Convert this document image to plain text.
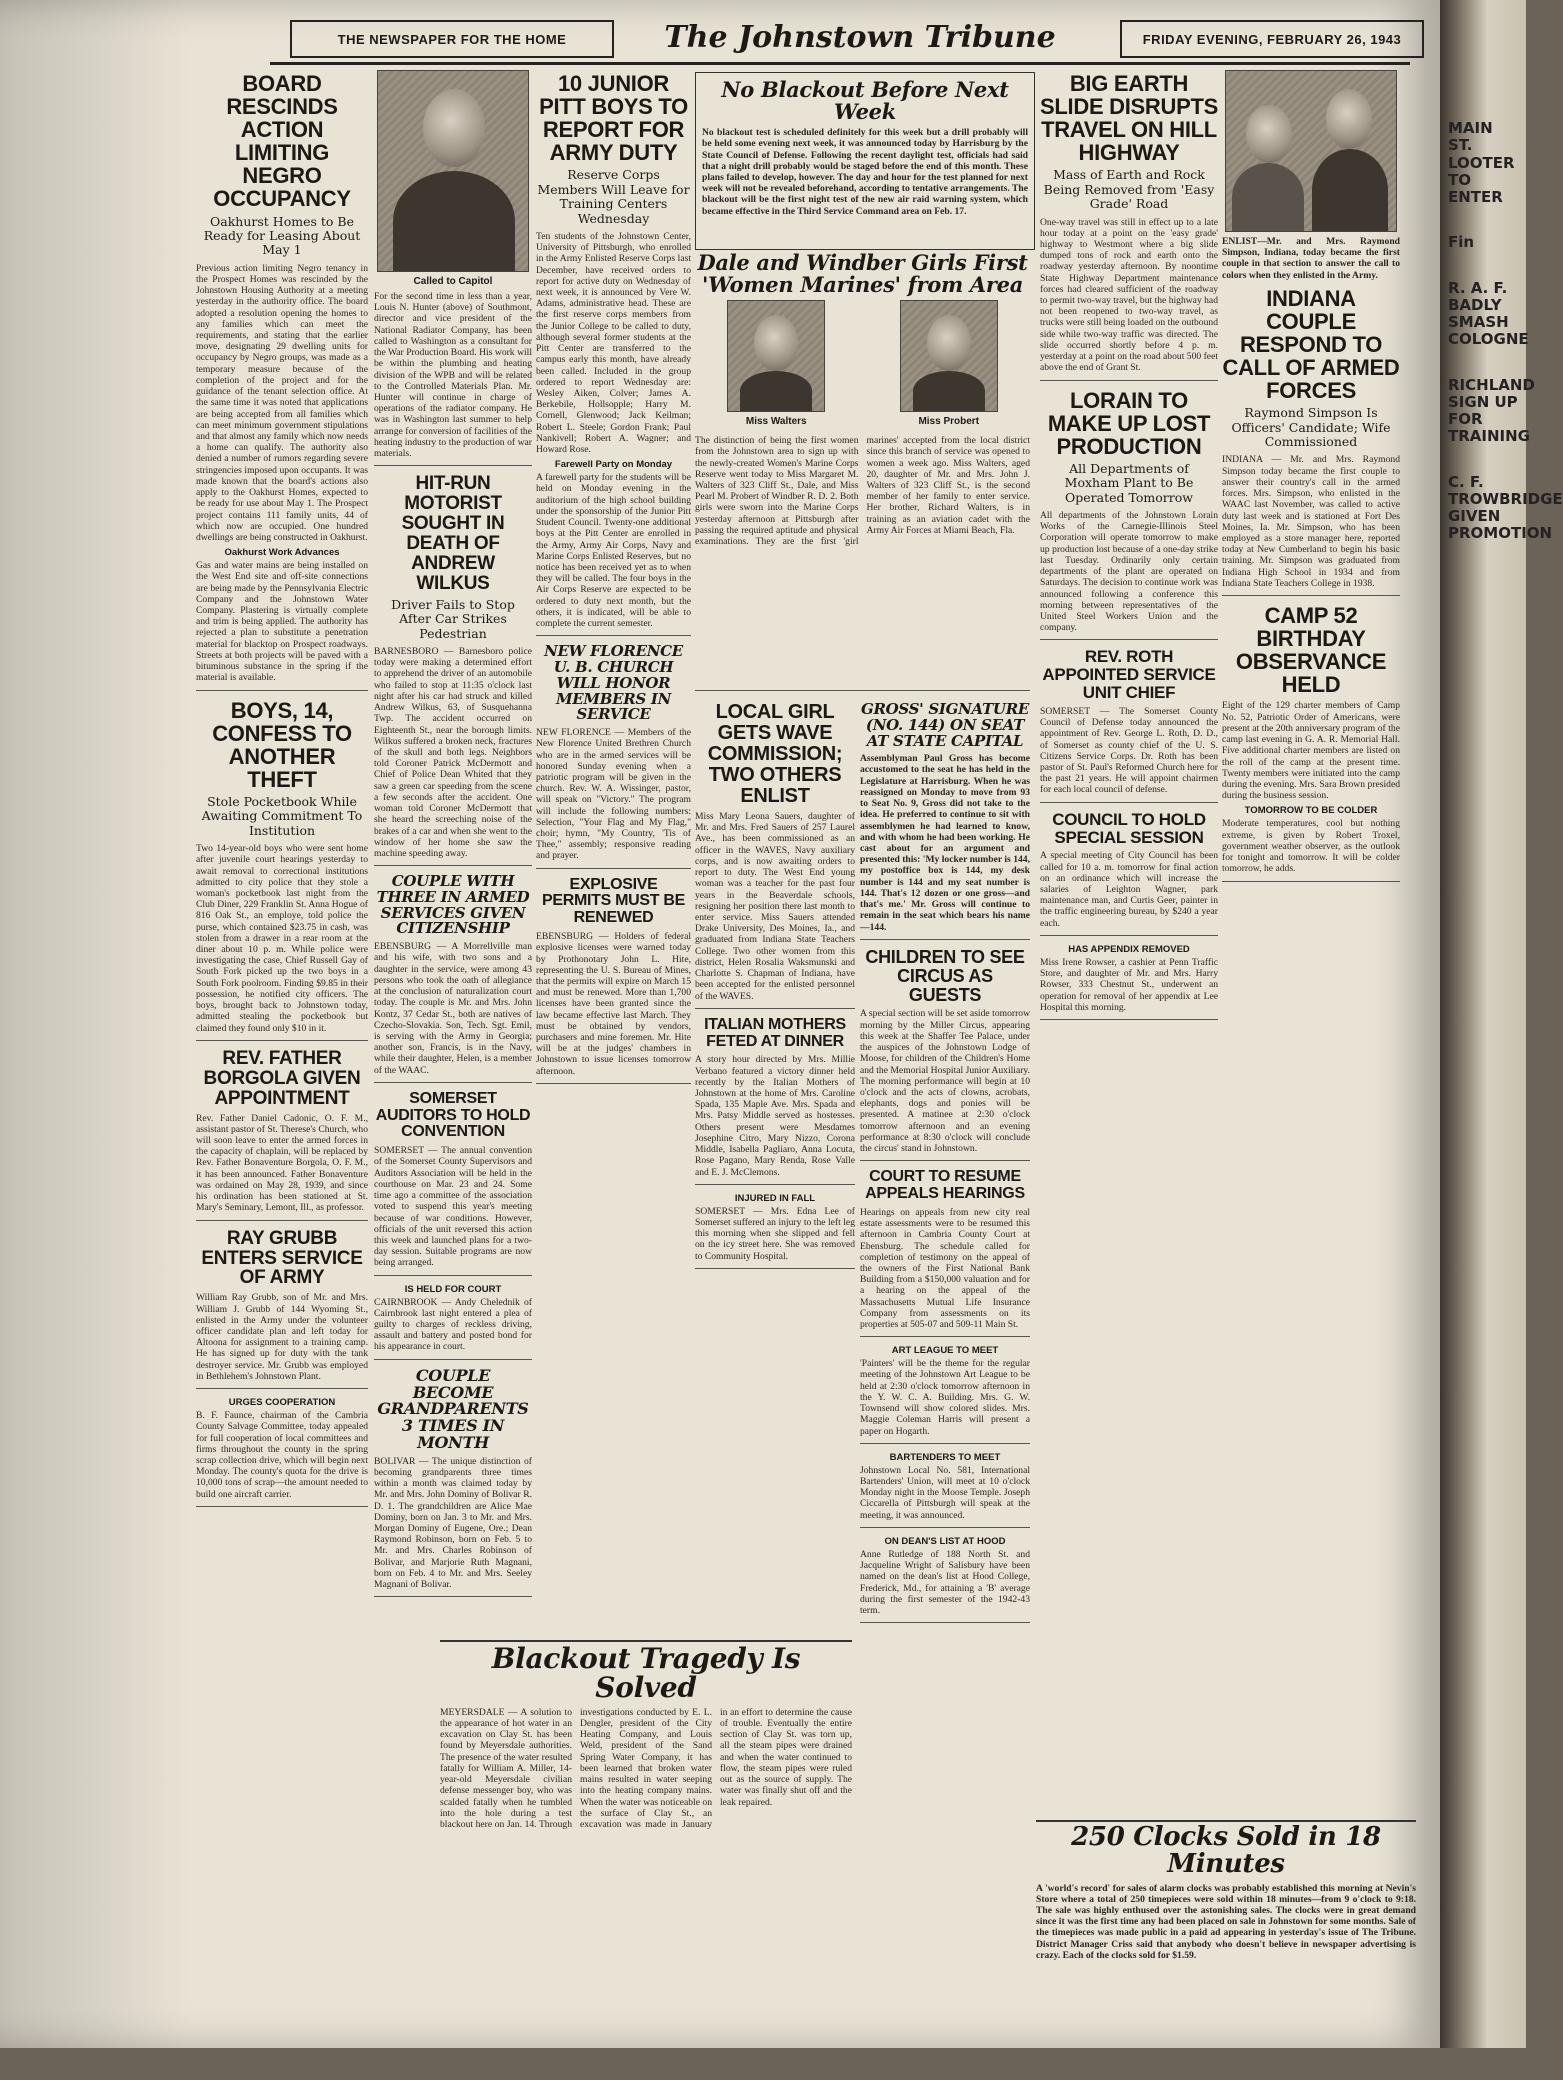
THE NEWSPAPER FOR THE HOME	The Johnstown Tribune	FRIDAY EVENING, FEBRUARY 26, 1943
BOARD RESCINDS ACTION LIMITING NEGRO OCCUPANCY
Oakhurst Homes to Be Ready for Leasing About May 1
Previous action limiting Negro tenancy in the Prospect Homes was rescinded by the Johnstown Housing Authority at a meeting yesterday in the authority office. The board adopted a resolution opening the homes to any families which can meet the requirements, and stating that the earlier move, designating 29 dwelling units for occupancy by Negro groups, was made as a temporary measure because of the completion of the project and for the guidance of the tenant selection office. At the same time it was noted that applications are being accepted from all families which can meet minimum government stipulations and that almost any family which now needs a home can qualify. The authority also denied a number of rumors regarding severe stringencies imposed upon occupants. It was made known that the board's actions also apply to the Oakhurst Homes, expected to be ready for use about May 1. The Prospect project contains 111 family units, 44 of which now are occupied. One hundred dwellings are being constructed in Oakhurst.
Oakhurst Work Advances
Gas and water mains are being installed on the West End site and off-site connections are being made by the Pennsylvania Electric Company and the Johnstown Water Company. Plastering is virtually complete and trim is being applied. The authority has rejected a plan to substitute a penetration material for blacktop on Prospect roadways. Streets at both projects will be paved with a bituminous substance in the spring if the material is available.
BOYS, 14, CONFESS TO ANOTHER THEFT
Stole Pocketbook While Awaiting Commitment To Institution
Two 14-year-old boys who were sent home after juvenile court hearings yesterday to await removal to correctional institutions admitted to city police that they stole a woman's pocketbook last night from the Club Diner, 229 Franklin St. Anna Hogue of 816 Oak St., an employe, told police the purse, which contained $23.75 in cash, was stolen from a drawer in a rear room at the diner about 10 p. m. While police were investigating the case, Chief Russell Gay of South Fork picked up the two boys in a South Fork poolroom. Finding $9.85 in their possession, he notified city officers. The boys, brought back to Johnstown today, admitted stealing the pocketbook but claimed they found only $10 in it.
REV. FATHER BORGOLA GIVEN APPOINTMENT
Rev. Father Daniel Cadonic, O. F. M., assistant pastor of St. Therese's Church, who will soon leave to enter the armed forces in the capacity of chaplain, will be replaced by Rev. Father Bonaventure Borgola, O. F. M., it has been announced. Father Bonaventure was ordained on May 28, 1939, and since his ordination has been stationed at St. Mary's Seminary, Lemont, Ill., as professor.
RAY GRUBB ENTERS SERVICE OF ARMY
William Ray Grubb, son of Mr. and Mrs. William J. Grubb of 144 Wyoming St., enlisted in the Army under the volunteer officer candidate plan and left today for Altoona for assignment to a training camp. He has signed up for duty with the tank destroyer service. Mr. Grubb was employed in Bethlehem's Johnstown Plant.
URGES COOPERATION
B. F. Faunce, chairman of the Cambria County Salvage Committee, today appealed for full cooperation of local committees and firms throughout the county in the spring scrap collection drive, which will begin next Monday. The county's quota for the drive is 10,000 tons of scrap—the amount needed to build one aircraft carrier.
Called to Capitol
For the second time in less than a year, Louis N. Hunter (above) of Southmont, director and vice president of the National Radiator Company, has been called to Washington as a consultant for the War Production Board. His work will be within the plumbing and heating division of the WPB and will be related to the Controlled Materials Plan. Mr. Hunter will continue in charge of operations of the radiator company. He was in Washington last summer to help arrange for conversion of facilities of the heating industry to the production of war materials.
HIT-RUN MOTORIST SOUGHT IN DEATH OF ANDREW WILKUS
Driver Fails to Stop After Car Strikes Pedestrian
BARNESBORO — Barnesboro police today were making a determined effort to apprehend the driver of an automobile who failed to stop at 11:35 o'clock last night after his car had struck and killed Andrew Wilkus, 63, of Susquehanna Twp. The accident occurred on Eighteenth St., near the borough limits. Wilkus suffered a broken neck, fractures of the skull and both legs. Neighbors told Coroner Patrick McDermott and Chief of Police Dean Whited that they saw a green car speeding from the scene a few seconds after the accident. One woman told Coroner McDermott that she heard the screeching noise of the brakes of a car and when she went to the window of her home she saw the machine speeding away.
COUPLE WITH THREE IN ARMED SERVICES GIVEN CITIZENSHIP
EBENSBURG — A Morrellville man and his wife, with two sons and a daughter in the service, were among 43 persons who took the oath of allegiance at the conclusion of naturalization court today. The couple is Mr. and Mrs. John Kontz, 37 Cedar St., both are natives of Czecho-Slovakia. Son, Tech. Sgt. Emil, is serving with the Army in Georgia; another son, Francis, is in the Navy, while their daughter, Helen, is a member of the WAAC.
SOMERSET AUDITORS TO HOLD CONVENTION
SOMERSET — The annual convention of the Somerset County Supervisors and Auditors Association will be held in the courthouse on Mar. 23 and 24. Some time ago a committee of the association voted to suspend this year's meeting because of war conditions. However, officials of the unit reversed this action this week and launched plans for a two-day session. Suitable programs are now being arranged.
IS HELD FOR COURT
CAIRNBROOK — Andy Chelednik of Cairnbrook last night entered a plea of guilty to charges of reckless driving, assault and battery and posted bond for his appearance in court.
COUPLE BECOME GRANDPARENTS 3 TIMES IN MONTH
BOLIVAR — The unique distinction of becoming grandparents three times within a month was claimed today by Mr. and Mrs. John Dominy of Bolivar R. D. 1. The grandchildren are Alice Mae Dominy, born on Jan. 3 to Mr. and Mrs. Morgan Dominy of Eugene, Ore.; Dean Raymond Robinson, born on Feb. 5 to Mr. and Mrs. Charles Robinson of Bolivar, and Marjorie Ruth Magnani, born on Feb. 4 to Mr. and Mrs. Seeley Magnani of Bolivar.
10 JUNIOR PITT BOYS TO REPORT FOR ARMY DUTY
Reserve Corps Members Will Leave for Training Centers Wednesday
Ten students of the Johnstown Center, University of Pittsburgh, who enrolled in the Army Enlisted Reserve Corps last December, have received orders to report for active duty on Wednesday of next week, it is announced by Vere W. Adams, administrative head. These are the first reserve corps members from the Junior College to be called to duty, although several former students at the Pitt Center are transferred to the campus early this month, have already been called. Included in the group ordered to report Wednesday are: Wesley Aiken, Colver; James A. Berkebile, Hollsopple; Harry M. Cornell, Glenwood; Jack Keilman; Robert L. Steele; Gordon Frank; Paul Nankivell; Robert A. Wagner; and Howard Rose.
Farewell Party on Monday
A farewell party for the students will be held on Monday evening in the auditorium of the high school building under the sponsorship of the Junior Pitt Student Council. Twenty-one additional boys at the Pitt Center are enrolled in the Army, Army Air Corps, Navy and Marine Corps Enlisted Reserves, but no notice has been received yet as to when they will be called. The four boys in the Air Corps Reserve are expected to be ordered to duty next month, but the others, it is indicated, will be able to complete the current semester.
NEW FLORENCE U. B. CHURCH WILL HONOR MEMBERS IN SERVICE
NEW FLORENCE — Members of the New Florence United Brethren Church who are in the armed services will be honored Sunday evening when a patriotic program will be given in the church. Rev. W. A. Wissinger, pastor, will speak on "Victory." The program will include the following numbers: Selection, "Your Flag and My Flag," choir; hymn, "My Country, 'Tis of Thee," assembly; responsive reading and prayer.
EXPLOSIVE PERMITS MUST BE RENEWED
EBENSBURG — Holders of federal explosive licenses were warned today by Prothonotary John L. Hite, representing the U. S. Bureau of Mines, that the permits will expire on March 15 and must be renewed. More than 1,700 licenses have been granted since the law became effective last March. They must be obtained by vendors, purchasers and mine foremen. Mr. Hite will be at the judges' chambers in Johnstown to issue licenses tomorrow afternoon.
No Blackout Before Next Week
No blackout test is scheduled definitely for this week but a drill probably will be held some evening next week, it was announced today by Harrisburg by the State Council of Defense. Following the recent daylight test, officials had said that a night drill probably would be staged before the end of this month. These plans failed to develop, however. The day and hour for the test planned for next week will not be revealed beforehand, according to tentative arrangements. The blackout will be the first night test of the new air raid warning system, which became effective in the Third Service Command area on Feb. 17.
Dale and Windber Girls First 'Women Marines' from Area
Miss Walters	Miss Probert
The distinction of being the first women from the Johnstown area to sign up with the newly-created Women's Marine Corps Reserve went today to Miss Margaret M. Walters of 323 Cliff St., Dale, and Miss Pearl M. Probert of Windber R. D. 2. Both girls were sworn into the Marine Corps yesterday afternoon at Pittsburgh after passing the required aptitude and physical examinations. They are the first 'girl marines' accepted from the local district since this branch of service was opened to women a week ago. Miss Walters, aged 20, daughter of Mr. and Mrs. John J. Walters of 323 Cliff St., is the second member of her family to enter service. Her brother, Richard Walters, is in training as an aviation cadet with the Army Air Forces at Miami Beach, Fla.
LOCAL GIRL GETS WAVE COMMISSION; TWO OTHERS ENLIST
Miss Mary Leona Sauers, daughter of Mr. and Mrs. Fred Sauers of 257 Laurel Ave., has been commissioned as an officer in the WAVES, Navy auxiliary corps, and is now awaiting orders to report to duty. The West End young woman was a teacher for the past four years in the Beaverdale schools, resigning her position there last month to enter service. Miss Sauers attended Drake University, Des Moines, Ia., and graduated from Indiana State Teachers College. Two other women from this district, Helen Rosalia Waksmunski and Charlotte S. Chapman of Indiana, have been accepted for the enlisted personnel of the WAVES.
ITALIAN MOTHERS FETED AT DINNER
A story hour directed by Mrs. Millie Verbano featured a victory dinner held recently by the Italian Mothers of Johnstown at the home of Mrs. Caroline Spada, 135 Maple Ave. Mrs. Spada and Mrs. Patsy Middle served as hostesses. Others present were Mesdames Josephine Citro, Mary Nizzo, Corona Middle, Isabella Pagliaro, Anna Locuta, Rose Pagano, Mary Renda, Rose Valle and E. J. McClemons.
INJURED IN FALL
SOMERSET — Mrs. Edna Lee of Somerset suffered an injury to the left leg this morning when she slipped and fell on the icy street here. She was removed to Community Hospital.
GROSS' SIGNATURE (NO. 144) ON SEAT AT STATE CAPITAL
Assemblyman Paul Gross has become accustomed to the seat he has held in the Legislature at Harrisburg. When he was reassigned on Monday to move from 93 to Seat No. 9, Gross did not take to the idea. He preferred to continue to sit with assemblymen he had learned to know, and with whom he had been working. He cast about for an argument and presented this: 'My locker number is 144, my postoffice box is 144, my desk number is 144 and my seat number is 144. That's 12 dozen or one gross—and that's me.' Mr. Gross will continue to remain in the seat which bears his name—144.
CHILDREN TO SEE CIRCUS AS GUESTS
A special section will be set aside tomorrow morning by the Miller Circus, appearing this week at the Shaffer Tee Palace, under the auspices of the Johnstown Lodge of Moose, for children of the Children's Home and the Memorial Hospital Junior Auxiliary. The morning performance will begin at 10 o'clock and the acts of clowns, acrobats, elephants, dogs and ponies will be presented. A matinee at 2:30 o'clock tomorrow afternoon and an evening performance at 8:30 o'clock will conclude the circus' stand in Johnstown.
COURT TO RESUME APPEALS HEARINGS
Hearings on appeals from new city real estate assessments were to be resumed this afternoon in Cambria County Court at Ebensburg. The schedule called for completion of testimony on the appeal of the owners of the First National Bank Building from a $150,000 valuation and for a hearing on the appeal of the Massachusetts Mutual Life Insurance Company from assessments on its properties at 505-07 and 509-11 Main St.
ART LEAGUE TO MEET
'Painters' will be the theme for the regular meeting of the Johnstown Art League to be held at 2:30 o'clock tomorrow afternoon in the Y. W. C. A. Building. Mrs. G. W. Townsend will show colored slides. Mrs. Maggie Coleman Harris will present a paper on Hogarth.
BARTENDERS TO MEET
Johnstown Local No. 581, International Bartenders' Union, will meet at 10 o'clock Monday night in the Moose Temple. Joseph Ciccarella of Pittsburgh will speak at the meeting, it was announced.
ON DEAN'S LIST AT HOOD
Anne Rutledge of 188 North St. and Jacqueline Wright of Salisbury have been named on the dean's list at Hood College, Frederick, Md., for attaining a 'B' average during the first semester of the 1942-43 term.
BIG EARTH SLIDE DISRUPTS TRAVEL ON HILL HIGHWAY
Mass of Earth and Rock Being Removed from 'Easy Grade' Road
One-way travel was still in effect up to a late hour today at a point on the 'easy grade' highway to Westmont where a big slide dumped tons of rock and earth onto the roadway yesterday afternoon. By noontime State Highway Department maintenance forces had cleared sufficient of the roadway to permit two-way travel, but the highway had not been reopened to two-way travel, as trucks were still being loaded on the outbound side while two-way traffic was directed. The slide occurred shortly before 4 p. m. yesterday at a point on the road about 500 feet above the end of Grant St.
LORAIN TO MAKE UP LOST PRODUCTION
All Departments of Moxham Plant to Be Operated Tomorrow
All departments of the Johnstown Lorain Works of the Carnegie-Illinois Steel Corporation will operate tomorrow to make up production lost because of a one-day strike last Tuesday. Ordinarily only certain departments of the plant are operated on Saturdays. The decision to continue work was announced following a conference this morning between representatives of the United Steel Workers Union and the company.
REV. ROTH APPOINTED SERVICE UNIT CHIEF
SOMERSET — The Somerset County Council of Defense today announced the appointment of Rev. George L. Roth, D. D., of Somerset as county chief of the U. S. Citizens Service Corps. Dr. Roth has been pastor of St. Paul's Reformed Church here for the past 21 years. He will appoint chairmen for each local council of defense.
COUNCIL TO HOLD SPECIAL SESSION
A special meeting of City Council has been called for 10 a. m. tomorrow for final action on an ordinance which will increase the salaries of Leighton Wagner, park maintenance man, and Curtis Geer, painter in the traffic engineering bureau, by $240 a year each.
HAS APPENDIX REMOVED
Miss Irene Rowser, a cashier at Penn Traffic Store, and daughter of Mr. and Mrs. Harry Rowser, 333 Chestnut St., underwent an operation for removal of her appendix at Lee Hospital this morning.
ENLIST—Mr. and Mrs. Raymond Simpson, Indiana, today became the first couple in that section to answer the call to colors when they enlisted in the Army.
INDIANA COUPLE RESPOND TO CALL OF ARMED FORCES
Raymond Simpson Is Officers' Candidate; Wife Commissioned
INDIANA — Mr. and Mrs. Raymond Simpson today became the first couple to answer their country's call in the armed forces. Mrs. Simpson, who enlisted in the WAAC last November, was called to active duty last week and is stationed at Fort Des Moines, Ia. Mr. Simpson, who has been employed as a store manager here, reported today at New Cumberland to begin his basic training. Mr. Simpson was graduated from Indiana High School in 1934 and from Indiana State Teachers College in 1938.
CAMP 52 BIRTHDAY OBSERVANCE HELD
Eight of the 129 charter members of Camp No. 52, Patriotic Order of Americans, were present at the 20th anniversary program of the camp last evening in G. A. R. Memorial Hall. Five additional charter members are listed on the roll of the camp at the present time. Twenty members were initiated into the camp during the evening. Mrs. Sara Brown presided during the business session.
TOMORROW TO BE COLDER
Moderate temperatures, cool but nothing extreme, is given by Robert Troxel, government weather observer, as the outlook for tonight and tomorrow. It will be colder tomorrow, he adds.
Blackout Tragedy Is Solved
MEYERSDALE — A solution to the appearance of hot water in an excavation on Clay St. has been found by Meyersdale authorities. The presence of the water resulted fatally for William A. Miller, 14-year-old Meyersdale civilian defense messenger boy, who was scalded fatally when he tumbled into the hole during a test blackout here on Jan. 14. Through investigations conducted by E. L. Dengler, president of the City Heating Company, and Louis Weld, president of the Sand Spring Water Company, it has been learned that broken water mains resulted in water seeping into the heating company mains. When the water was noticeable on the surface of Clay St., an excavation was made in January in an effort to determine the cause of trouble. Eventually the entire section of Clay St. was torn up, all the steam pipes were drained and when the water continued to flow, the steam pipes were ruled out as the source of supply. The water was finally shut off and the leak repaired.
250 Clocks Sold in 18 Minutes
A 'world's record' for sales of alarm clocks was probably established this morning at Nevin's Store where a total of 250 timepieces were sold within 18 minutes—from 9 o'clock to 9:18. The sale was highly enthused over the astonishing sales. The clocks were in great demand since it was the first time any had been placed on sale in Johnstown for some months. Sale of the timepieces was made public in a paid ad appearing in yesterday's issue of The Tribune. District Manager Criss said that anybody who doesn't believe in newspaper advertising is crazy. Each of the clocks sold for $1.59.
MAIN ST. LOOTER TO ENTER
Fin
R. A. F. BADLY SMASH COLOGNE
RICHLAND SIGN UP FOR TRAINING
C. F. TROWBRIDGE GIVEN PROMOTION
